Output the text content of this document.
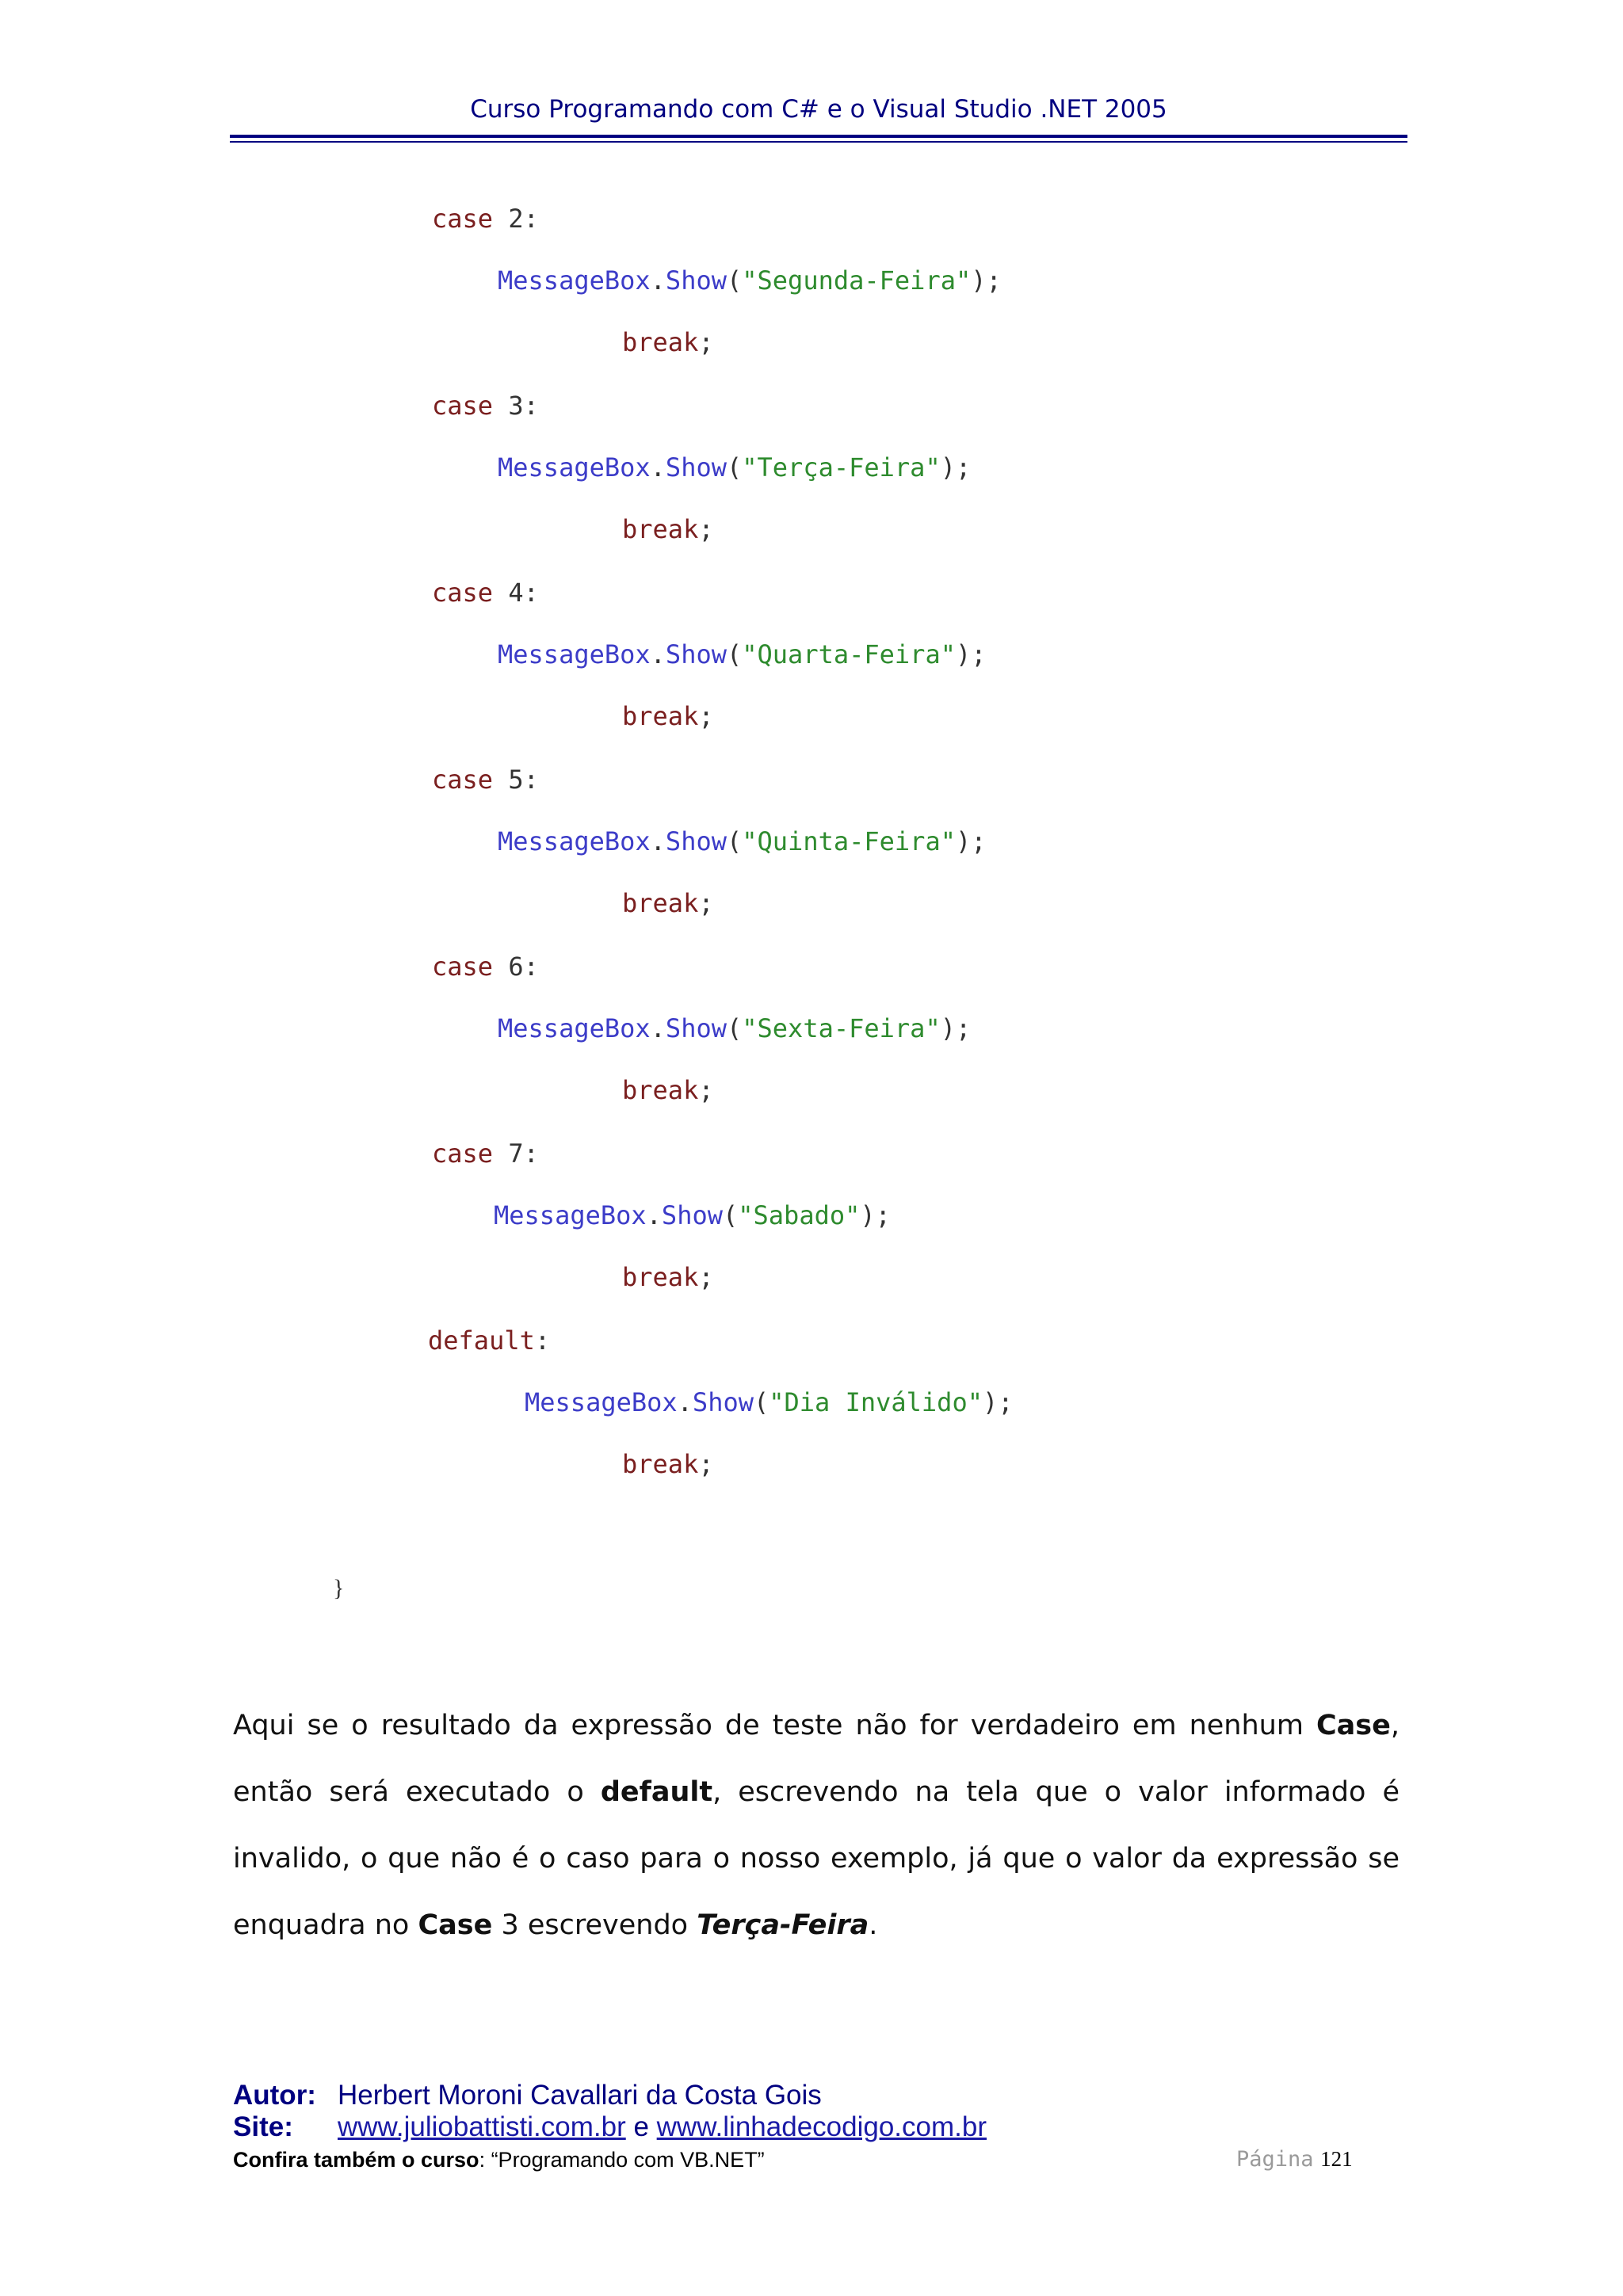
Curso Programando com C# e o Visual Studio .NET 2005
case 2:
MessageBox.Show("Segunda-Feira");
break;
case 3:
MessageBox.Show("Terça-Feira");
break;
case 4:
MessageBox.Show("Quarta-Feira");
break;
case 5:
MessageBox.Show("Quinta-Feira");
break;
case 6:
MessageBox.Show("Sexta-Feira");
break;
case 7:
MessageBox.Show("Sabado");
break;
default:
MessageBox.Show("Dia Inválido");
break;
}
Aqui se o resultado da expressão de teste não for verdadeiro em nenhum Case, então será executado o default, escrevendo na tela que o valor informado é invalido, o que não é o caso para o nosso exemplo, já que o valor da expressão se enquadra no Case 3 escrevendo Terça-Feira.
Autor: Herbert Moroni Cavallari da Costa Gois
Site: www.juliobattisti.com.br e www.linhadecodigo.com.br
Confira também o curso: “Programando com VB.NET”	Página 121
